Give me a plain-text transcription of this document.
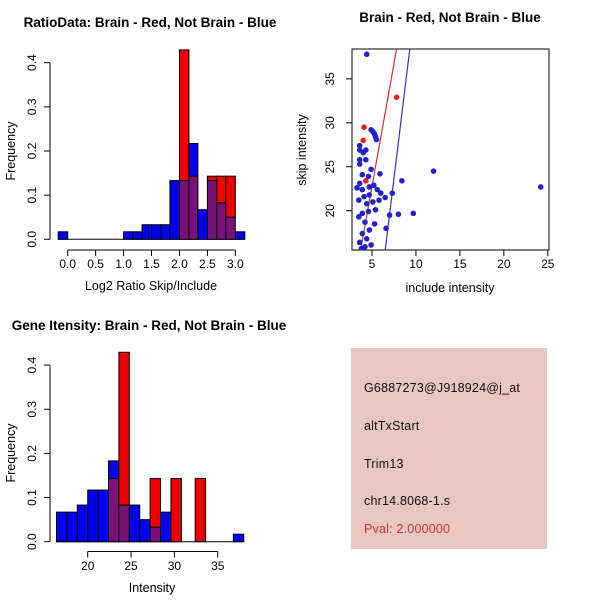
RatioData: Brain - Red, Not Brain - Blue
Log2 Ratio Skip/Include
Frequency
0.0
0.1
0.2
0.3
0.4
0.0 0.5 1.0 1.5 2.0 2.5 3.0
Brain - Red, Not Brain - Blue
include intensity
skip intensity
5	10	15	20	25
20
25
30
35
Gene Itensity: Brain - Red, Not Brain - Blue
Intensity
Frequency
0.0
0.1
0.2
0.3
0.4
20 25 30 35
G6887273@J918924@j_at
altTxStart
Trim13
chr14.8068-1.s
Pval: 2.000000
